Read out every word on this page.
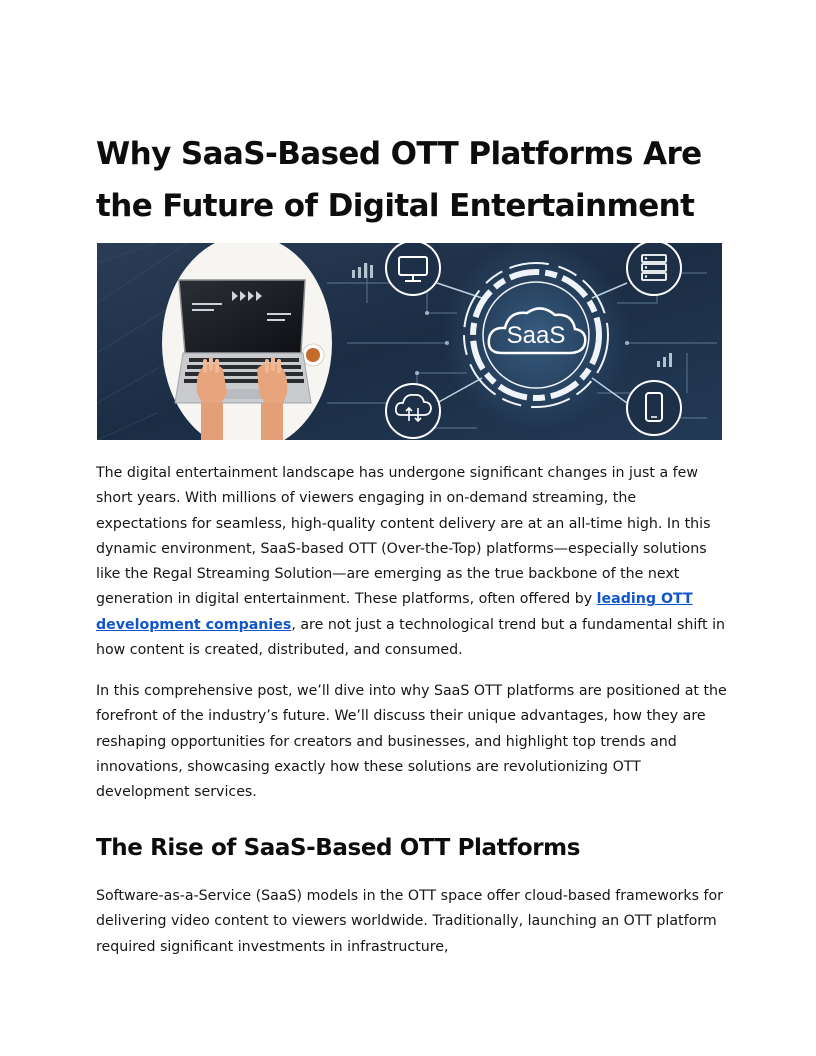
Why SaaS-Based OTT Platforms Are the Future of Digital Entertainment
SaaS

The digital entertainment landscape has undergone significant changes in just a few short years. With millions of viewers engaging in on-demand streaming, the expectations for seamless, high-quality content delivery are at an all-time high. In this dynamic environment, SaaS-based OTT (Over-the-Top) platforms—especially solutions like the Regal Streaming Solution—are emerging as the true backbone of the next generation in digital entertainment. These platforms, often offered by leading OTT development companies, are not just a technological trend but a fundamental shift in how content is created, distributed, and consumed.

In this comprehensive post, we’ll dive into why SaaS OTT platforms are positioned at the forefront of the industry’s future. We’ll discuss their unique advantages, how they are reshaping opportunities for creators and businesses, and highlight top trends and innovations, showcasing exactly how these solutions are revolutionizing OTT development services.

The Rise of SaaS-Based OTT Platforms

Software-as-a-Service (SaaS) models in the OTT space offer cloud-based frameworks for delivering video content to viewers worldwide. Traditionally, launching an OTT platform required significant investments in infrastructure,
